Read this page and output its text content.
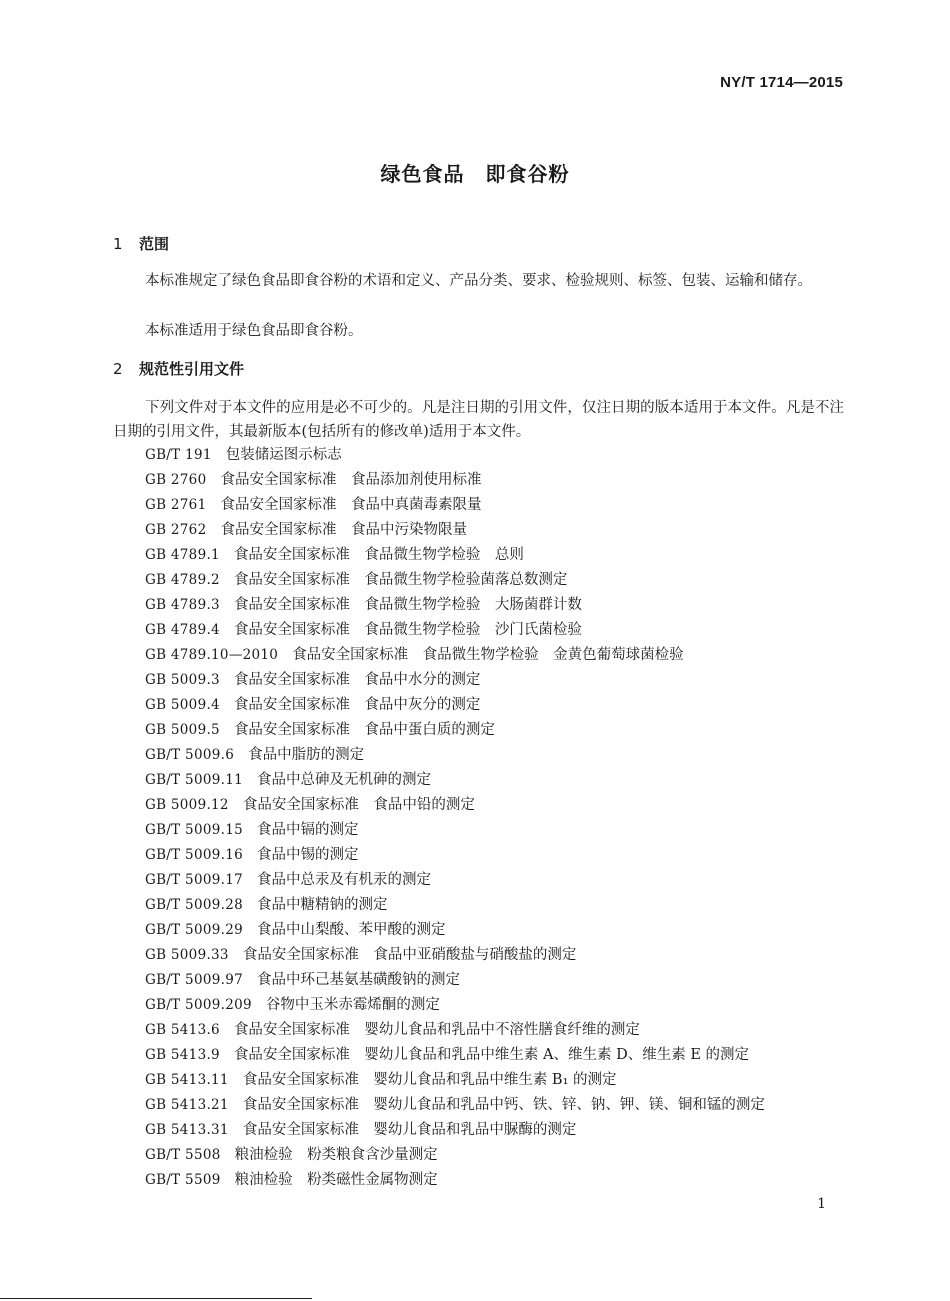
NY/T 1714—2015
绿色食品　即食谷粉
1 范围
本标准规定了绿色食品即食谷粉的术语和定义、产品分类、要求、检验规则、标签、包装、运输和储存。
本标准适用于绿色食品即食谷粉。
2 规范性引用文件
下列文件对于本文件的应用是必不可少的。凡是注日期的引用文件，仅注日期的版本适用于本文件。凡是不注日期的引用文件，其最新版本(包括所有的修改单)适用于本文件。
GB/T 191 包装储运图示标志
GB 2760 食品安全国家标准　食品添加剂使用标准
GB 2761 食品安全国家标准　食品中真菌毒素限量
GB 2762 食品安全国家标准　食品中污染物限量
GB 4789.1 食品安全国家标准　食品微生物学检验　总则
GB 4789.2 食品安全国家标准　食品微生物学检验菌落总数测定
GB 4789.3 食品安全国家标准　食品微生物学检验　大肠菌群计数
GB 4789.4 食品安全国家标准　食品微生物学检验　沙门氏菌检验
GB 4789.10—2010 食品安全国家标准　食品微生物学检验　金黄色葡萄球菌检验
GB 5009.3 食品安全国家标准　食品中水分的测定
GB 5009.4 食品安全国家标准　食品中灰分的测定
GB 5009.5 食品安全国家标准　食品中蛋白质的测定
GB/T 5009.6 食品中脂肪的测定
GB/T 5009.11 食品中总砷及无机砷的测定
GB 5009.12 食品安全国家标准　食品中铅的测定
GB/T 5009.15 食品中镉的测定
GB/T 5009.16 食品中锡的测定
GB/T 5009.17 食品中总汞及有机汞的测定
GB/T 5009.28 食品中糖精钠的测定
GB/T 5009.29 食品中山梨酸、苯甲酸的测定
GB 5009.33 食品安全国家标准　食品中亚硝酸盐与硝酸盐的测定
GB/T 5009.97 食品中环己基氨基磺酸钠的测定
GB/T 5009.209 谷物中玉米赤霉烯酮的测定
GB 5413.6 食品安全国家标准　婴幼儿食品和乳品中不溶性膳食纤维的测定
GB 5413.9 食品安全国家标准　婴幼儿食品和乳品中维生素 A、维生素 D、维生素 E 的测定
GB 5413.11 食品安全国家标准　婴幼儿食品和乳品中维生素 B₁ 的测定
GB 5413.21 食品安全国家标准　婴幼儿食品和乳品中钙、铁、锌、钠、钾、镁、铜和锰的测定
GB 5413.31 食品安全国家标准　婴幼儿食品和乳品中脲酶的测定
GB/T 5508 粮油检验　粉类粮食含沙量测定
GB/T 5509 粮油检验　粉类磁性金属物测定
1
